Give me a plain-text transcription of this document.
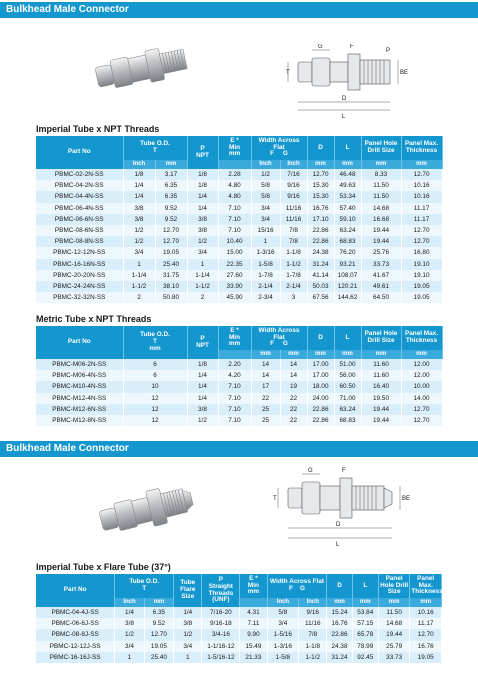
Bulkhead Male Connector
T
G	F
P
BE
D
L
Imperial Tube x NPT Threads
Part No	Tube O.D.
T		P
NPT	E *
Min
mm	Width Across Flat
F G		D	L	Panel Hole Drill Size	Panel Max. Thickness
	Inch	mm			Inch	Inch	mm	mm	mm	mm
PBMC-02-2N-SS	1/8	3.17	1/8	2.28	1/2	7/16	12.70	46.48	8.33	12.70
PBMC-04-2N-SS	1/4	6.35	1/8	4.80	5/8	9/16	15.30	49.63	11.50	10.16
PBMC-04-4N-SS	1/4	6.35	1/4	4.80	5/8	9/16	15.30	53.34	11.50	10.16
PBMC-06-4N-SS	3/8	9.52	1/4	7.10	3/4	11/16	16.76	57.40	14.68	11.17
PBMC-06-6N-SS	3/8	9.52	3/8	7.10	3/4	11/16	17.10	59.10	16.68	11.17
PBMC-08-6N-SS	1/2	12.70	3/8	7.10	15/16	7/8	22.86	63.24	19.44	12.70
PBMC-08-8N-SS	1/2	12.70	1/2	10.40	1	7/8	22.86	68.83	19.44	12.70
PBMC-12-12N-SS	3/4	19.05	3/4	15.00	1-3/16	1-1/8	24.38	76.20	25.76	16.80
PBMC-16-16N-SS	1	25.40	1	22.35	1-5/8	1-1/2	31.24	93.21	33.73	19.10
PBMC-20-20N-SS	1-1/4	31.75	1-1/4	27.60	1-7/8	1-7/8	41.14	108.07	41.67	19.10
PBMC-24-24N-SS	1-1/2	38.10	1-1/2	33.90	2-1/4	2-1/4	50.03	120.21	49.61	19.05
PBMC-32-32N-SS	2	50.80	2	45.90	2-3/4	3	67.56	144.62	64.50	19.05
Metric Tube x NPT Threads
Part No	Tube O.D.
T
mm	P
NPT	E *
Min
mm	Width Across Flat
F G		D	L	Panel Hole Drill Size	Panel Max. Thickness
				mm	mm	mm	mm	mm	mm
PBMC-M06-2N-SS	6	1/8	2.20	14	14	17.00	51.00	11.60	12.00
PBMC-M06-4N-SS	6	1/4	4.20	14	14	17.00	56.00	11.60	12.00
PBMC-M10-4N-SS	10	1/4	7.10	17	19	18.00	60.50	16.40	10.00
PBMC-M12-4N-SS	12	1/4	7.10	22	22	24.00	71.00	19.50	14.00
PBMC-M12-6N-SS	12	3/8	7.10	25	22	22.86	63.24	19.44	12.70
PBMC-M12-8N-SS	12	1/2	7.10	25	22	22.86	68.83	19.44	12.70
Bulkhead Male Connector
T
G	F
BE
D
L
Imperial Tube x Flare Tube (37°)
Part No	Tube O.D.
T		Tube Flare Size	P
Straight Threads (UNF)	E *
Min
mm	Width Across Flat
F G		D	L	Panel Hole Drill Size	Panel Max. Thickness
	Inch	mm				Inch	Inch	mm	mm	mm	mm
PBMC-04-4J-SS	1/4	6.35	1/4	7/16-20	4.31	5/8	9/16	15.24	53.84	11.50	10.16
PBMC-06-6J-SS	3/8	9.52	3/8	9/16-18	7.11	3/4	11/16	16.76	57.15	14.68	11.17
PBMC-08-8J-SS	1/2	12.70	1/2	3/4-16	9.90	1-5/16	7/8	22.86	65.78	19.44	12.70
PBMC-12-12J-SS	3/4	19.05	3/4	1-1/16-12	15.49	1-3/16	1-1/8	24.38	78.99	25.79	16.76
PBMC-16-16J-SS	1	25.40	1	1-5/16-12	21.33	1-5/8	1-1/2	31.24	92.45	33.73	19.05
